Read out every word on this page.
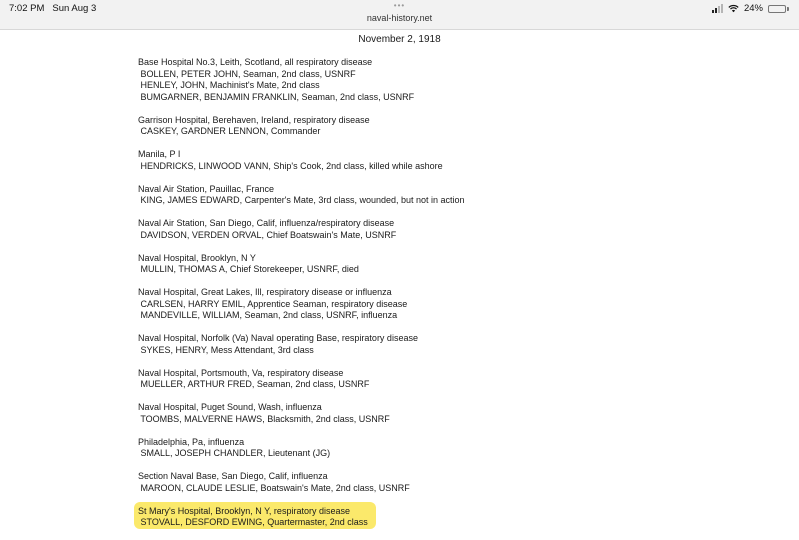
7:02 PM Sun Aug 3	•••
naval-history.net
24%
November 2, 1918
Base Hospital No.3, Leith, Scotland, all respiratory disease
BOLLEN, PETER JOHN, Seaman, 2nd class, USNRF
HENLEY, JOHN, Machinist's Mate, 2nd class
BUMGARNER, BENJAMIN FRANKLIN, Seaman, 2nd class, USNRF
Garrison Hospital, Berehaven, Ireland, respiratory disease
CASKEY, GARDNER LENNON, Commander
Manila, P I
HENDRICKS, LINWOOD VANN, Ship's Cook, 2nd class, killed while ashore
Naval Air Station, Pauillac, France
KING, JAMES EDWARD, Carpenter's Mate, 3rd class, wounded, but not in action
Naval Air Station, San Diego, Calif, influenza/respiratory disease
DAVIDSON, VERDEN ORVAL, Chief Boatswain's Mate, USNRF
Naval Hospital, Brooklyn, N Y
MULLIN, THOMAS A, Chief Storekeeper, USNRF, died
Naval Hospital, Great Lakes, Ill, respiratory disease or influenza
CARLSEN, HARRY EMIL, Apprentice Seaman, respiratory disease
MANDEVILLE, WILLIAM, Seaman, 2nd class, USNRF, influenza
Naval Hospital, Norfolk (Va) Naval operating Base, respiratory disease
SYKES, HENRY, Mess Attendant, 3rd class
Naval Hospital, Portsmouth, Va, respiratory disease
MUELLER, ARTHUR FRED, Seaman, 2nd class, USNRF
Naval Hospital, Puget Sound, Wash, influenza
TOOMBS, MALVERNE HAWS, Blacksmith, 2nd class, USNRF
Philadelphia, Pa, influenza
SMALL, JOSEPH CHANDLER, Lieutenant (JG)
Section Naval Base, San Diego, Calif, influenza
MAROON, CLAUDE LESLIE, Boatswain's Mate, 2nd class, USNRF
St Mary's Hospital, Brooklyn, N Y, respiratory disease
STOVALL, DESFORD EWING, Quartermaster, 2nd class
